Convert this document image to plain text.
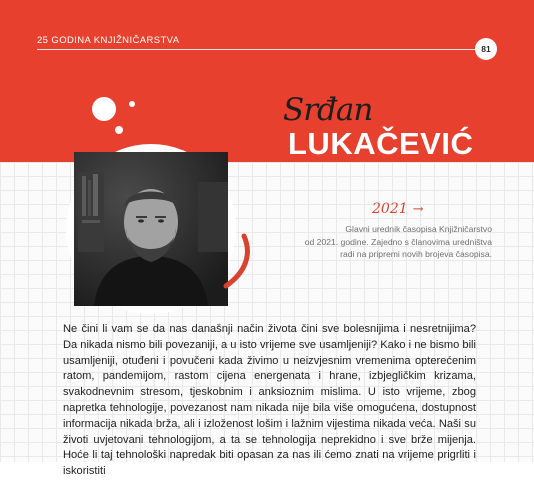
25 GODINA KNJIŽNIČARSTVA
81
Srđan
LUKAČEVIĆ
2021 →
Glavni urednik časopisa Knjižničarstvo
od 2021. godine. Zajedno s članovima uredništva
radi na pripremi novih brojeva časopisa.
Ne čini li vam se da nas današnji način života čini sve bolesnijima i nesretnijima? Da nikada nismo bili povezaniji, a u isto vrijeme sve usamljeniji? Kako i ne bismo bili usamljeniji, otuđeni i povučeni kada živimo u neizvjesnim vremenima opterećenim ratom, pandemijom, rastom cijena energenata i hrane, izbjegličkim krizama, svakodnevnim stresom, tjeskobnim i anksioznim mislima. U isto vrijeme, zbog napretka tehnologije, povezanost nam nikada nije bila više omogućena, dostupnost informacija nikada brža, ali i izloženost lošim i lažnim vijestima nikada veća. Naši su životi uvjetovani tehnologijom, a ta se tehnologija neprekidno i sve brže mijenja. Hoće li taj tehnološki napredak biti opasan za nas ili ćemo znati na vrijeme prigrliti i iskoristiti
